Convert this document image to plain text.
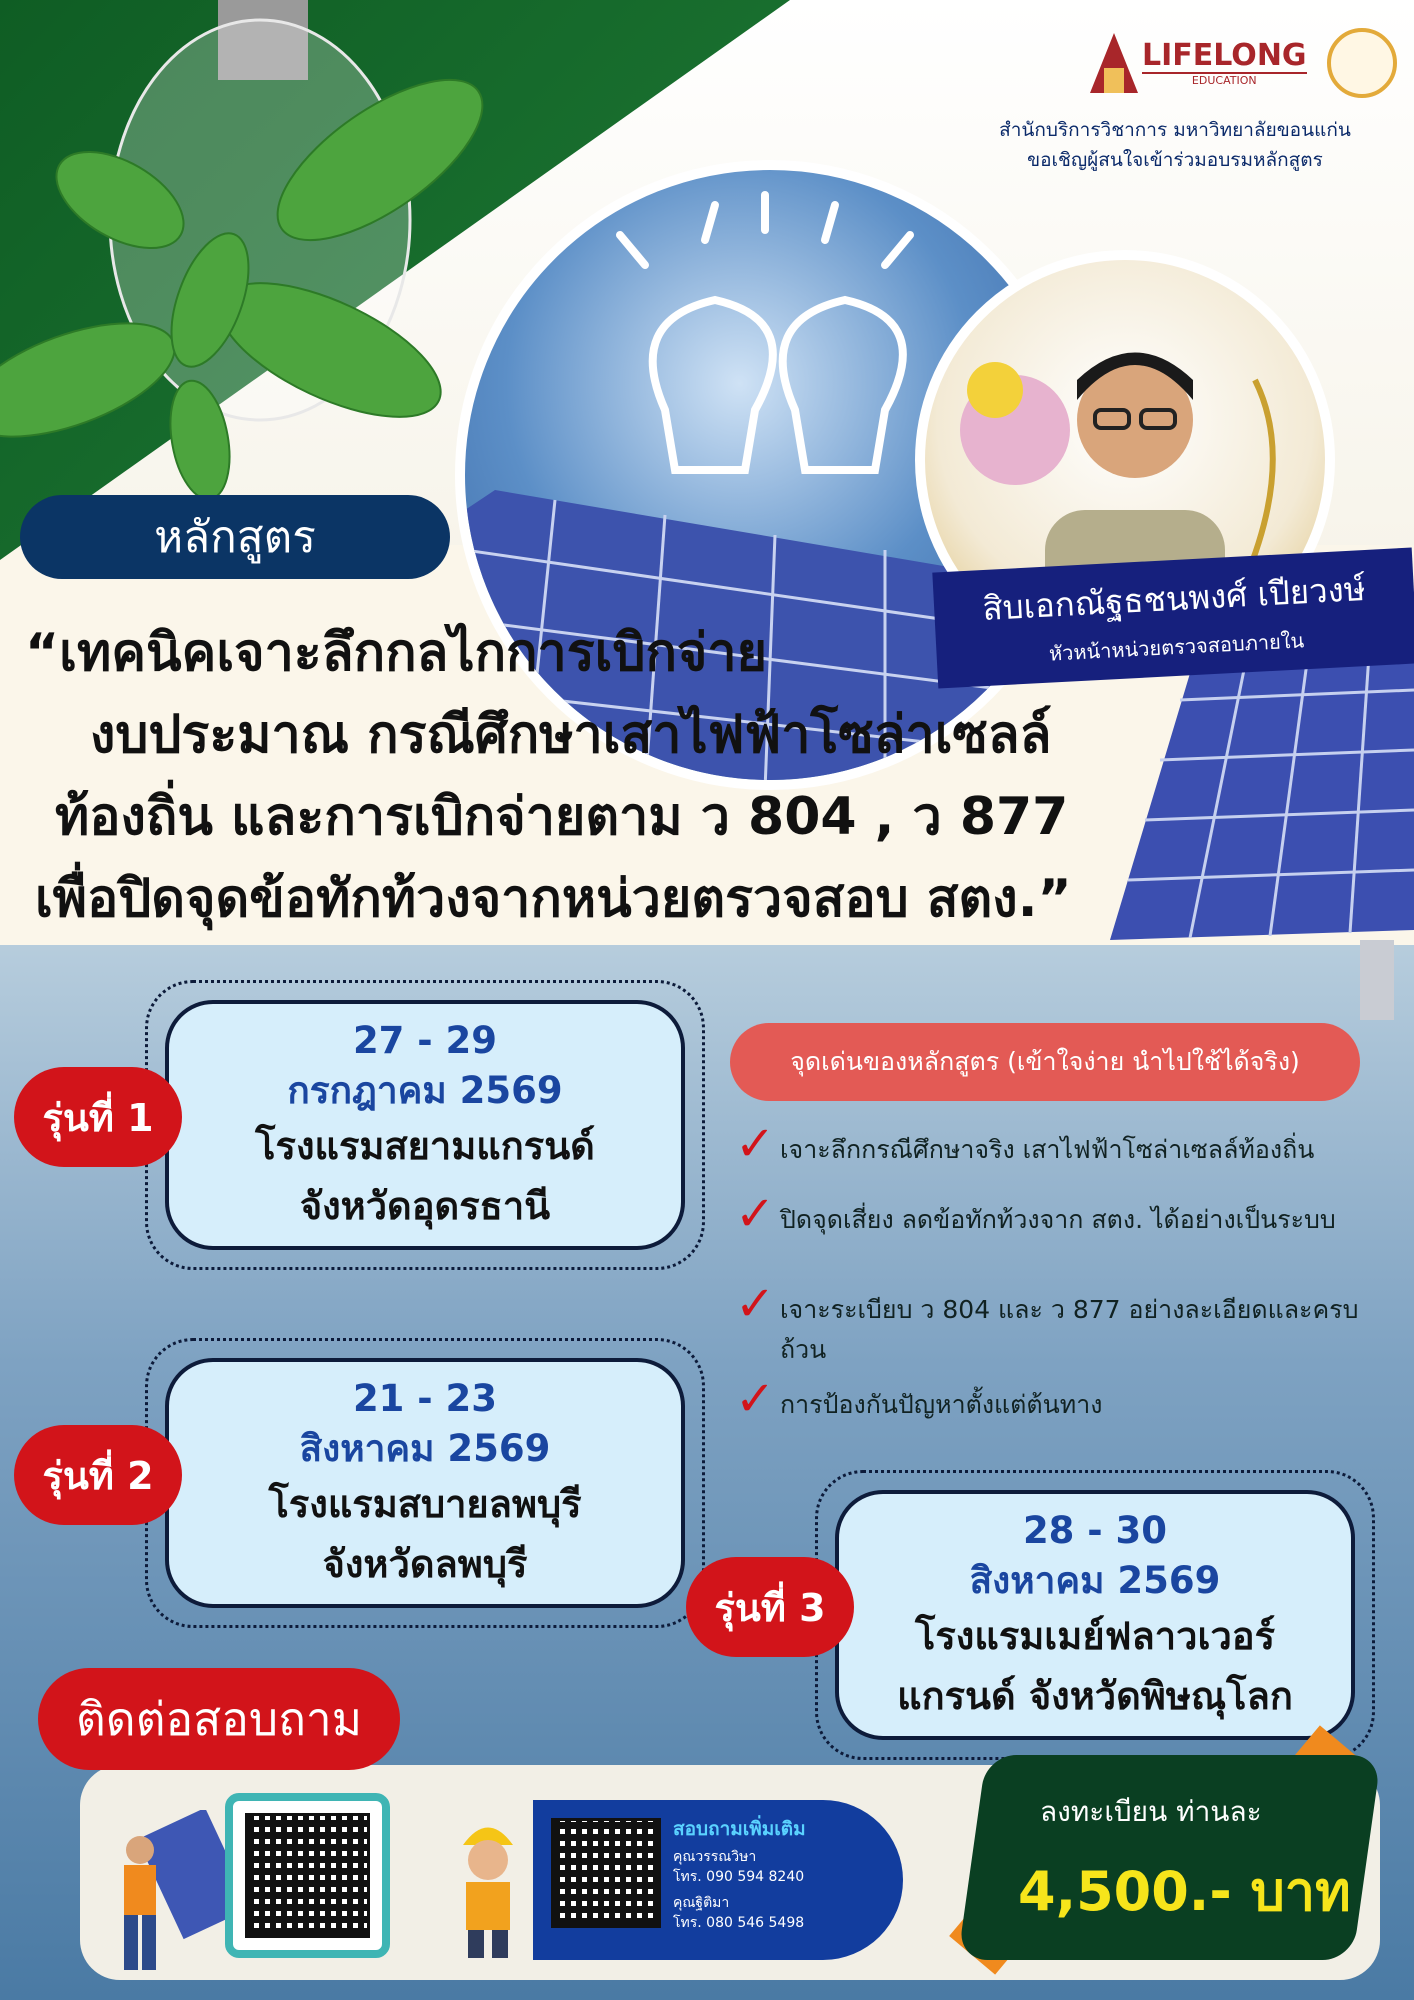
LIFELONG
EDUCATION
สำนักบริการวิชาการ มหาวิทยาลัยขอนแก่น
ขอเชิญผู้สนใจเข้าร่วมอบรมหลักสูตร
หลักสูตร
สิบเอกณัฐธชนพงศ์ เปียวงษ์
หัวหน้าหน่วยตรวจสอบภายใน
“เทคนิคเจาะลึกกลไกการเบิกจ่าย
งบประมาณ กรณีศึกษาเสาไฟฟ้าโซล่าเซลล์
ท้องถิ่น และการเบิกจ่ายตาม ว 804 , ว 877
เพื่อปิดจุดข้อทักท้วงจากหน่วยตรวจสอบ สตง.”
27 - 29
กรกฎาคม 2569
โรงแรมสยามแกรนด์
จังหวัดอุดรธานี
รุ่นที่ 1
21 - 23
สิงหาคม 2569
โรงแรมสบายลพบุรี
จังหวัดลพบุรี
รุ่นที่ 2
28 - 30
สิงหาคม 2569
โรงแรมเมย์ฟลาวเวอร์
แกรนด์ จังหวัดพิษณุโลก
รุ่นที่ 3
จุดเด่นของหลักสูตร (เข้าใจง่าย นำไปใช้ได้จริง)
✓ เจาะลึกกรณีศึกษาจริง เสาไฟฟ้าโซล่าเซลล์ท้องถิ่น
✓ ปิดจุดเสี่ยง ลดข้อทักท้วงจาก สตง. ได้อย่างเป็นระบบ
✓ เจาะระเบียบ ว 804 และ ว 877 อย่างละเอียดและครบถ้วน
✓ การป้องกันปัญหาตั้งแต่ต้นทาง
ติดต่อสอบถาม
สอบถามเพิ่มเติม
คุณวรรณวิษา
โทร. 090 594 8240
คุณฐิติมา
โทร. 080 546 5498
ลงทะเบียน ท่านละ
4,500.- บาท
